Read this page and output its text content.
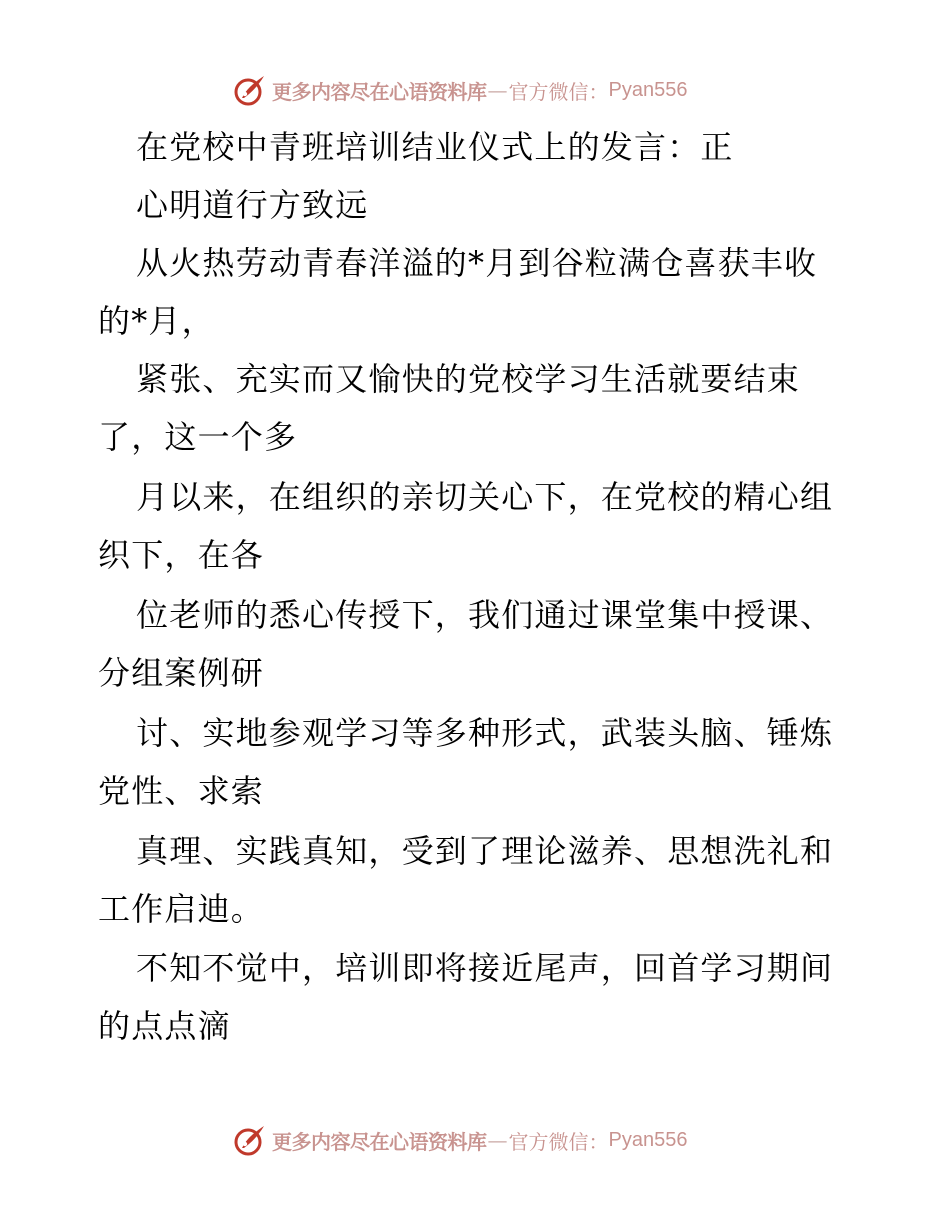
更多内容尽在心语资料库 — 官方微信： Pyan556
在党校中青班培训结业仪式上的发言：正
心明道行方致远
从火热劳动青春洋溢的*月到谷粒满仓喜获丰收
的*月，
紧张、充实而又愉快的党校学习生活就要结束
了，这一个多
月以来，在组织的亲切关心下，在党校的精心组
织下，在各
位老师的悉心传授下，我们通过课堂集中授课、
分组案例研
讨、实地参观学习等多种形式，武装头脑、锤炼
党性、求索
真理、实践真知，受到了理论滋养、思想洗礼和
工作启迪。
不知不觉中，培训即将接近尾声，回首学习期间
的点点滴
更多内容尽在心语资料库 — 官方微信： Pyan556
